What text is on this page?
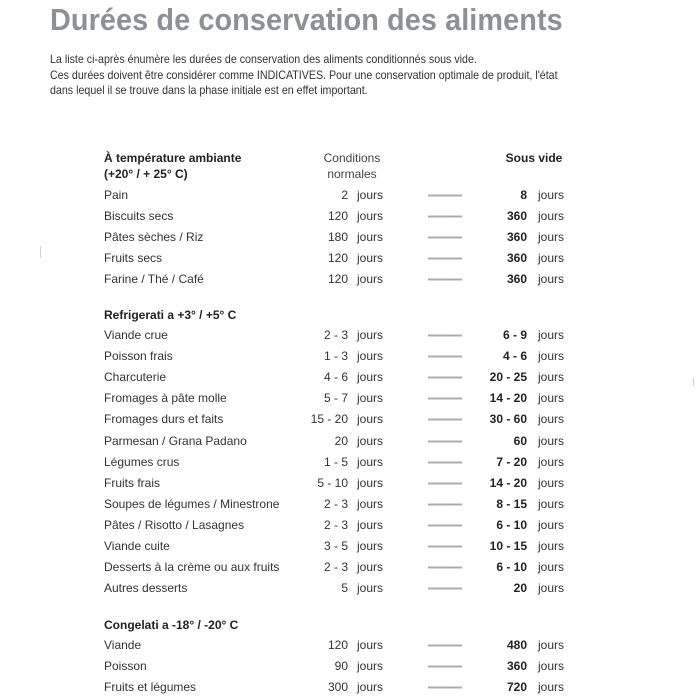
Durées de conservation des aliments
La liste ci-après énumère les durées de conservation des aliments conditionnés sous vide.
Ces durées doivent être considérer comme INDICATIVES. Pour une conservation optimale de produit, l'état
dans lequel il se trouve dans la phase initiale est en effet important.
Conditions
normales
Sous vide
À température ambiante
(+20° / + 25° C)
Refrigerati a +3° / +5° C
Congelati a -18° / -20° C
Pain	2 jours	8 jours
Biscuits secs	120 jours	360 jours
Pâtes sèches / Riz	180 jours	360 jours
Fruits secs	120 jours	360 jours
Farine / Thé / Café	120 jours	360 jours
Viande crue	2 - 3 jours	6 - 9 jours
Poisson frais	1 - 3 jours	4 - 6 jours
Charcuterie	4 - 6 jours	20 - 25 jours
Fromages à pâte molle	5 - 7 jours	14 - 20 jours
Fromages durs et faits	15 - 20 jours	30 - 60 jours
Parmesan / Grana Padano	20 jours	60 jours
Légumes crus	1 - 5 jours	7 - 20 jours
Fruits frais	5 - 10 jours	14 - 20 jours
Soupes de légumes / Minestrone	2 - 3 jours	8 - 15 jours
Pâtes / Risotto / Lasagnes	2 - 3 jours	6 - 10 jours
Viande cuite	3 - 5 jours	10 - 15 jours
Desserts à la crème ou aux fruits	2 - 3 jours	6 - 10 jours
Autres desserts	5 jours	20 jours
Viande	120 jours	480 jours
Poisson	90 jours	360 jours
Fruits et légumes	300 jours	720 jours
